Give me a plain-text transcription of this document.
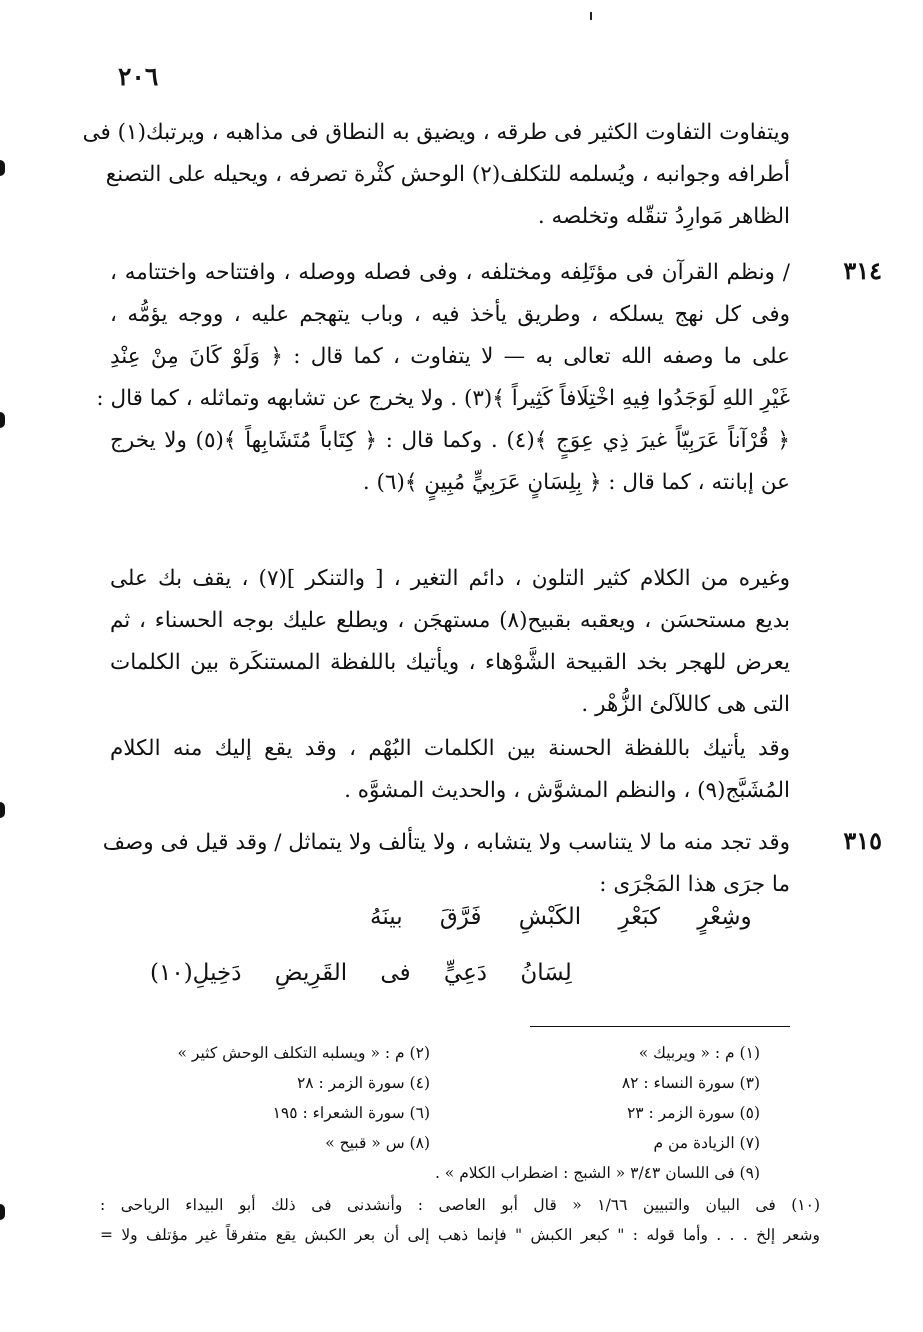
٢٠٦
ويتفاوت التفاوت الكثير فى طرقه ، ويضيق به النطاق فى مذاهبه ، ويرتبك(١) فى
أطرافه وجوانبه ، ويُسلمه للتكلف(٢) الوحش كثْرة تصرفه ، ويحيله على التصنع
الظاهر مَوارِدُ تنقّله وتخلصه .
٣١٤
/ ونظم القرآن فى مؤتَلِفه ومختلفه ، وفى فصله ووصله ، وافتتاحه واختتامه ،
وفى كل نهج يسلكه ، وطريق يأخذ فيه ، وباب يتهجم عليه ، ووجه يؤمُّه ،
على ما وصفه الله تعالى به — لا يتفاوت ، كما قال : ﴿ وَلَوْ كَانَ مِنْ عِنْدِ
غَيْرِ اللهِ لَوَجَدُوا فِيهِ اخْتِلَافاً كَثِيراً ﴾(٣) . ولا يخرج عن تشابهه وتماثله ، كما قال :
﴿ قُرْآناً عَرَبِيّاً غيرَ ذِي عِوَجٍ ﴾(٤) . وكما قال : ﴿ كِتَاباً مُتَشَابِهاً ﴾(٥) ولا يخرج
عن إبانته ، كما قال : ﴿ بِلِسَانٍ عَرَبِيٍّ مُبِينٍ ﴾(٦) .
وغيره من الكلام كثير التلون ، دائم التغير ، [ والتنكر ](٧) ، يقف بك على
بديع مستحسَن ، ويعقبه بقبيح(٨) مستهجَن ، ويطلع عليك بوجه الحسناء ، ثم
يعرض للهجر بخد القبيحة الشَّوْهاء ، ويأتيك باللفظة المستنكَرة بين الكلمات
التى هى كاللآلئ الزُّهْر .
وقد يأتيك باللفظة الحسنة بين الكلمات البُهْم ، وقد يقع إليك منه الكلام
المُشَبَّج(٩) ، والنظم المشوَّش ، والحديث المشوَّه .
٣١٥
وقد تجد منه ما لا يتناسب ولا يتشابه ، ولا يتألف ولا يتماثل / وقد قيل فى وصف
ما جرَى هذا المَجْرَى :
وشِعْرٍ كبَعْرِ الكَبْشِ فَرَّقَ بينَهُ
لِسَانُ دَعِيٍّ فى القَرِيضِ دَخِيلِ(١٠)
(١) م : « ويربيك »
(٢) م : « ويسلبه التكلف الوحش كثير »
(٣) سورة النساء : ٨٢
(٤) سورة الزمر : ٢٨
(٥) سورة الزمر : ٢٣
(٦) سورة الشعراء : ١٩٥
(٧) الزيادة من م
(٨) س « قبيح »
(٩) فى اللسان ٣/٤٣ « الشبج : اضطراب الكلام » .
(١٠) فى البيان والتبيين ١/٦٦ « قال أبو العاصى : وأنشدنى فى ذلك أبو البيداء الرياحى :
وشعر إلخ . . . وأما قوله : " كبعر الكبش " فإنما ذهب إلى أن بعر الكبش يقع متفرقاً غير مؤتلف ولا =
